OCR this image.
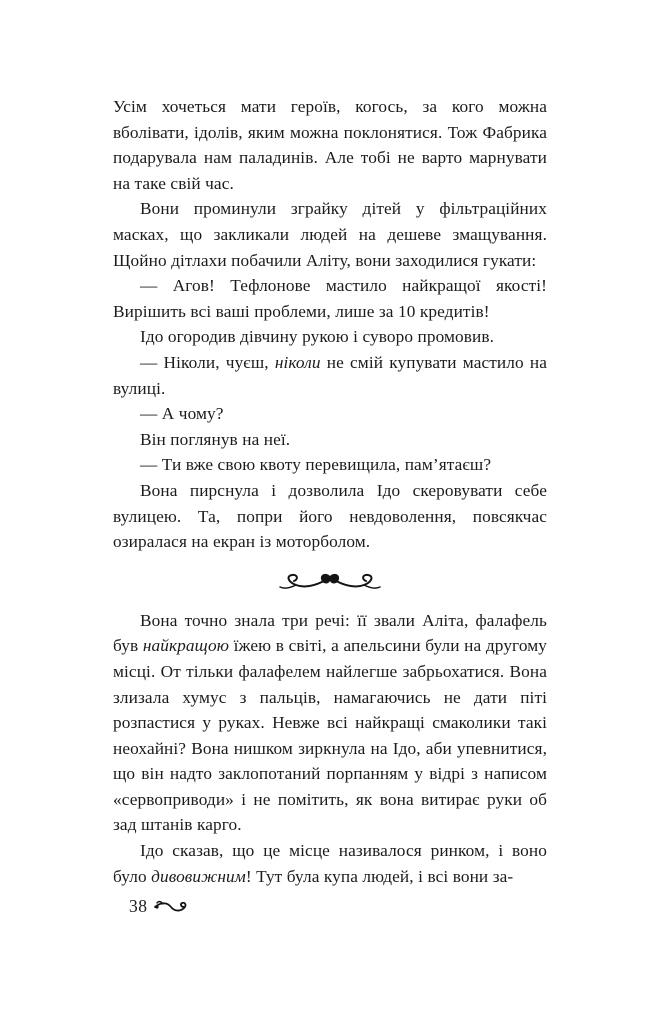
Усім хочеться мати героїв, когось, за кого можна вболівати, ідолів, яким можна поклонятися. Тож Фабрика подарувала нам паладинів. Але тобі не варто марнувати на таке свій час.

Вони проминули зграйку дітей у фільтраційних масках, що закликали людей на дешеве змащування. Щойно дітлахи побачили Аліту, вони заходилися гукати:

— Агов! Тефлонове мастило найкращої якості! Вирішить всі ваші проблеми, лише за 10 кредитів!

Ідо огородив дівчину рукою і суворо промовив.

— Ніколи, чуєш, ніколи не смій купувати мастило на вулиці.

— А чому?

Він поглянув на неї.

— Ти вже свою квоту перевищила, пам’ятаєш?

Вона пирснула і дозволила Ідо скеровувати себе вулицею. Та, попри його невдоволення, повсякчас озиралася на екран із моторболом.

Вона точно знала три речі: її звали Аліта, фалафель був найкращою їжею в світі, а апельсини були на другому місці. От тільки фалафелем найлегше забрьохатися. Вона злизала хумус з пальців, намагаючись не дати піті розпастися у руках. Невже всі найкращі смаколики такі неохайні? Вона нишком зиркнула на Ідо, аби упевнитися, що він надто заклопотаний порпанням у відрі з написом «сервоприводи» і не помітить, як вона витирає руки об зад штанів карго.

Ідо сказав, що це місце називалося ринком, і воно було дивовижним! Тут була купа людей, і всі вони за-

38
